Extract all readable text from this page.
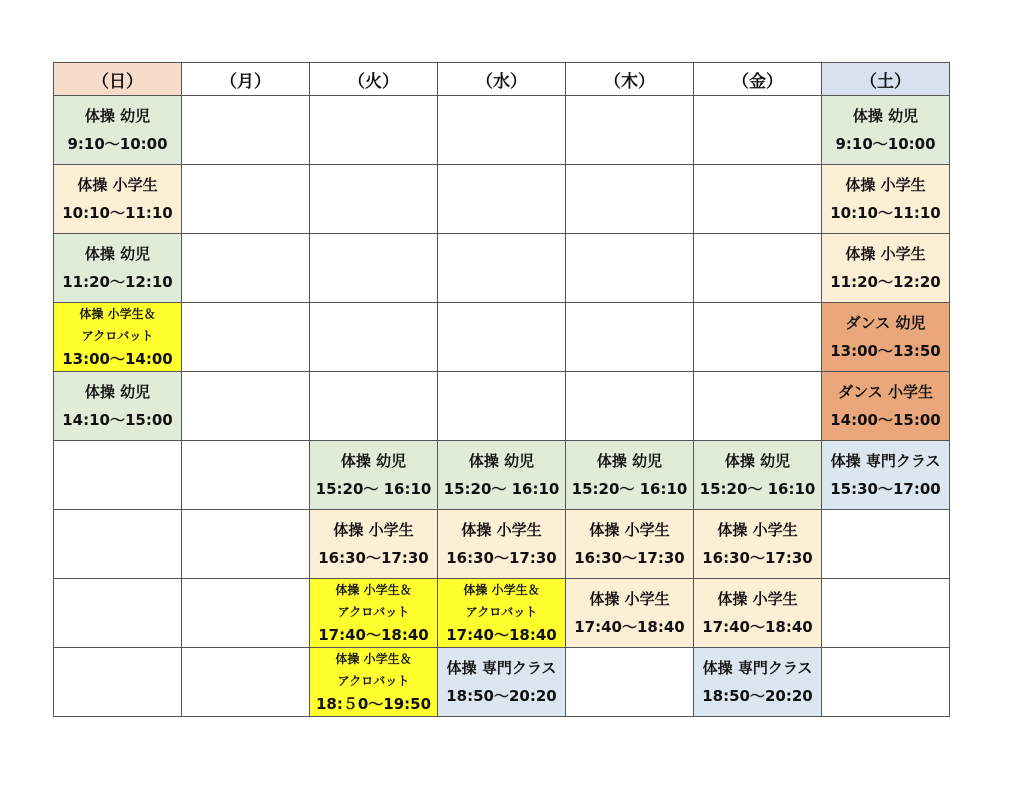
（日）	（月）	（火）	（水）	（木）	（金）	（土）

体操 幼児
9:10〜10:00						体操 幼児
9:10〜10:00

体操 小学生
10:10〜11:10						体操 小学生
10:10〜11:10

体操 幼児
11:20〜12:10						体操 小学生
11:20〜12:20

体操 小学生＆
アクロバット
13:00〜14:00						ダンス 幼児
13:00〜13:50

体操 幼児
14:10〜15:00						ダンス 小学生
14:00〜15:00

		体操 幼児
15:20〜 16:10	体操 幼児
15:20〜 16:10	体操 幼児
15:20〜 16:10	体操 幼児
15:20〜 16:10	体操 専門クラス
15:30〜17:00

		体操 小学生
16:30〜17:30	体操 小学生
16:30〜17:30	体操 小学生
16:30〜17:30	体操 小学生
16:30〜17:30	

		体操 小学生＆
アクロバット
17:40〜18:40	体操 小学生＆
アクロバット
17:40〜18:40	体操 小学生
17:40〜18:40	体操 小学生
17:40〜18:40	

		体操 小学生＆
アクロバット
18:５0〜19:50	体操 専門クラス
18:50〜20:20		体操 専門クラス
18:50〜20:20	
